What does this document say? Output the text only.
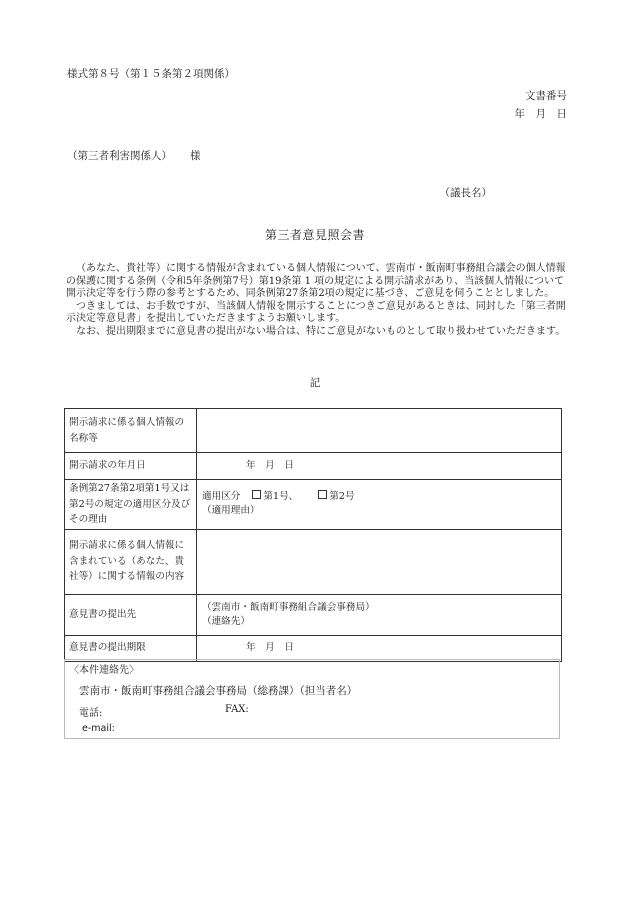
様式第８号（第１５条第２項関係）
文書番号
年　月　日
（第三者利害関係人） 様
（議長名）
第三者意見照会書

（あなた、貴社等）に関する情報が含まれている個人情報について、雲南市・飯南町事務組合議会の個人情報の保護に関する条例（令和5年条例第7号）第19条第 1 項の規定による開示請求があり、当該個人情報について開示決定等を行う際の参考とするため、同条例第27条第2項の規定に基づき、ご意見を伺うこととしました。

つきましては、お手数ですが、当該個人情報を開示することにつきご意見があるときは、同封した「第三者開示決定等意見書」を提出していただきますようお願いします。

なお、提出期限までに意見書の提出がない場合は、特にご意見がないものとして取り扱わせていただきます。

記
開示請求に係る個人情報の名称等	
開示請求の年月日	年　月　日
条例第27条第2項第1号又は第2号の規定の適用区分及びその理由	適用区分 第1号、 第2号
（適用理由）

開示請求に係る個人情報に含まれている（あなた、貴社等）に関する情報の内容	
意見書の提出先	（雲南市・飯南町事務組合議会事務局）
（連絡先）

意見書の提出期限	年　月　日
〈本件連絡先〉
雲南市・飯南町事務組合議会事務局（総務課）（担当者名）
電話:	FAX:
e-mail:
